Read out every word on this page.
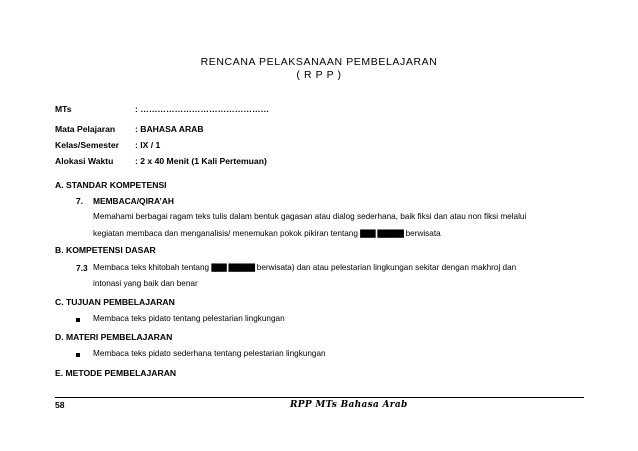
RENCANA PELAKSANAAN PEMBELAJARAN
( R P P )
MTs	: ………………………………………
Mata Pelajaran : BAHASA ARAB
Kelas/Semester : IX / 1
Alokasi Waktu	: 2 x 40 Menit (1 Kali Pertemuan)
A. STANDAR KOMPETENSI
7. MEMBACA/QIRA’AH
Memahami berbagai ragam teks tulis dalam bentuk gagasan atau dialog sederhana, baik fiksi dan atau non fiksi melalui
kegiatan membaca dan menganalisis/ menemukan pokok pikiran tentang ████ ███████ berwisata
B. KOMPETENSI DASAR
7.3 Membaca teks khitobah tentang ████ ███████ berwisata) dan atau pelestarian lingkungan sekitar dengan makhroj dan
intonasi yang baik dan benar
C. TUJUAN PEMBELAJARAN
Membaca teks pidato tentang pelestarian lingkungan
D. MATERI PEMBELAJARAN
Membaca teks pidato sederhana tentang pelestarian lingkungan
E. METODE PEMBELAJARAN
58	RPP MTs Bahasa Arab
